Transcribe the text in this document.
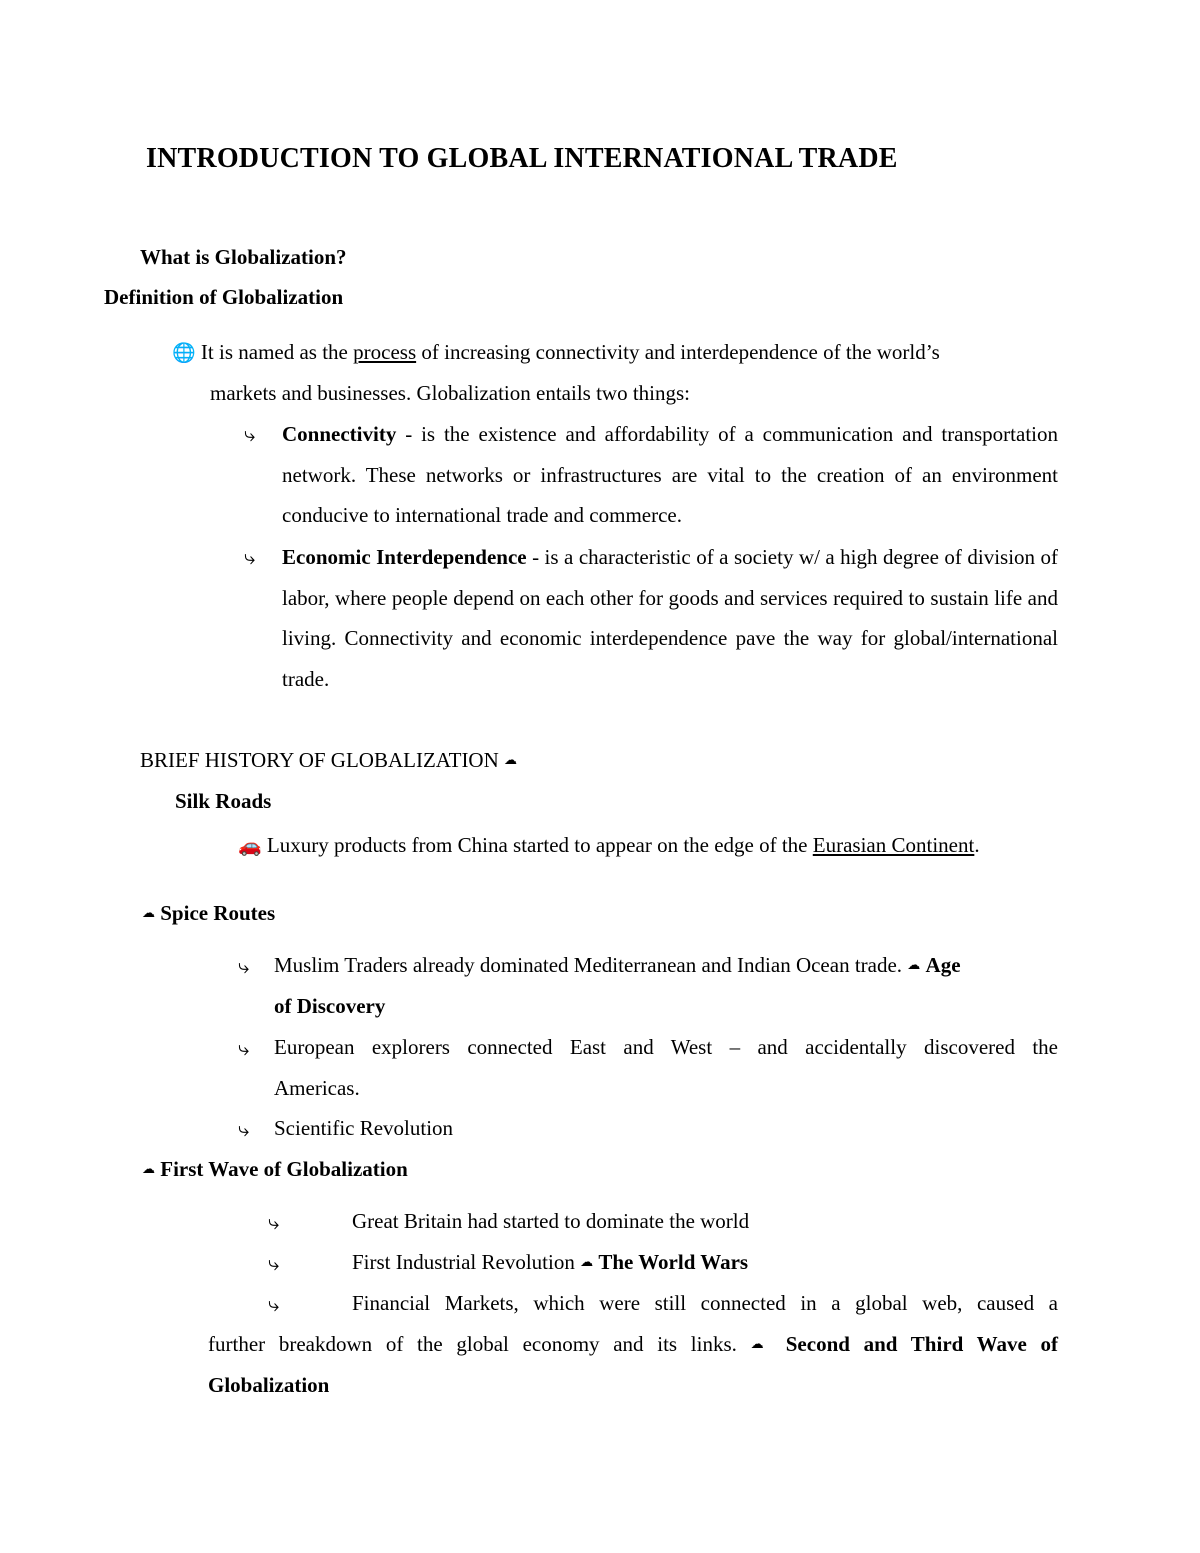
INTRODUCTION TO GLOBAL INTERNATIONAL TRADE
What is Globalization?
Definition of Globalization
🌐 It is named as the process of increasing connectivity and interdependence of the world’s
markets and businesses. Globalization entails two things:
⤷	Connectivity - is the existence and affordability of a communication and transportation network. These networks or infrastructures are vital to the creation of an environment conducive to international trade and commerce.

⤷	Economic Interdependence - is a characteristic of a society w/ a high degree of division of labor, where people depend on each other for goods and services required to sustain life and living. Connectivity and economic interdependence pave the way for global/international trade.

BRIEF HISTORY OF GLOBALIZATION ☁
Silk Roads
🚗 Luxury products from China started to appear on the edge of the Eurasian Continent.
☁ Spice Routes
⤷	Muslim Traders already dominated Mediterranean and Indian Ocean trade. ☁ Age
of Discovery
⤷	European explorers connected East and West – and accidentally discovered the
Americas.
⤷	Scientific Revolution
☁ First Wave of Globalization
⤷	Great Britain had started to dominate the world
⤷	First Industrial Revolution ☁ The World Wars
⤷	Financial Markets, which were still connected in a global web, caused a
further breakdown of the global economy and its links. ☁ Second and Third Wave of
Globalization
